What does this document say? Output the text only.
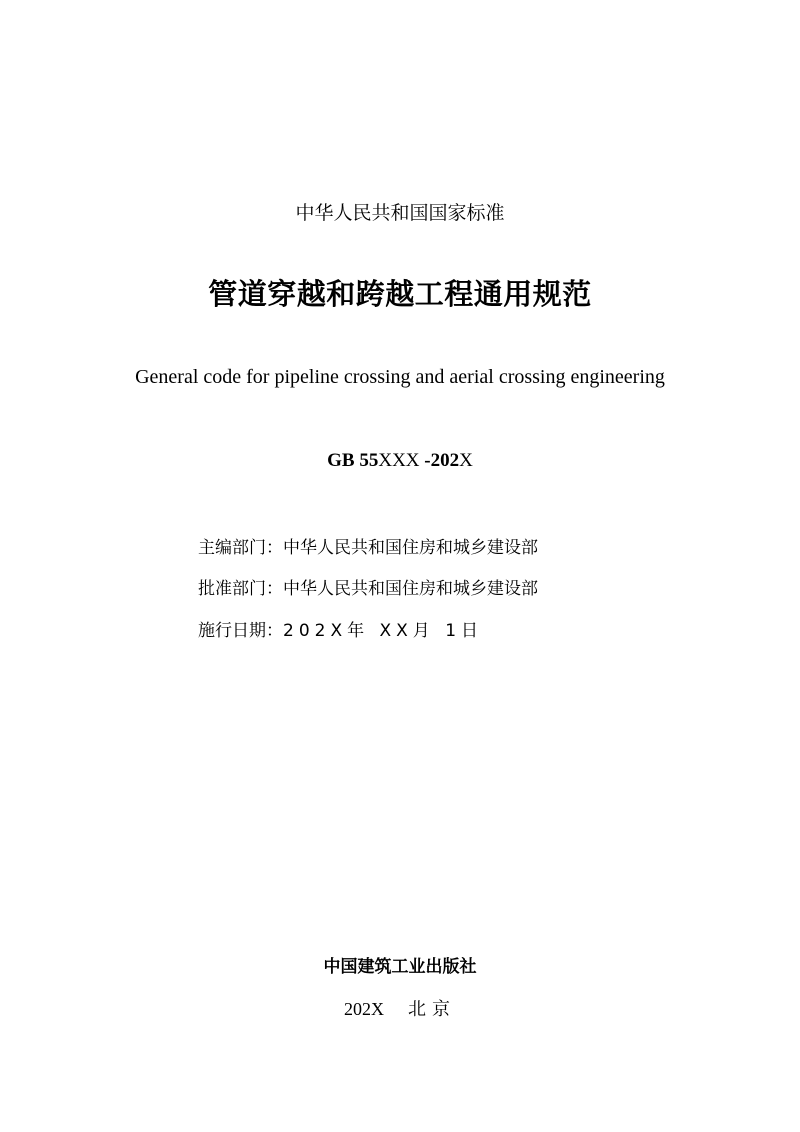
中华人民共和国国家标准
管道穿越和跨越工程通用规范
General code for pipeline crossing and aerial crossing engineering
GB 55XXX -202X
主编部门：中华人民共和国住房和城乡建设部
批准部门：中华人民共和国住房和城乡建设部
施行日期：202X年 XX月 1日
中国建筑工业出版社
202X 北京
